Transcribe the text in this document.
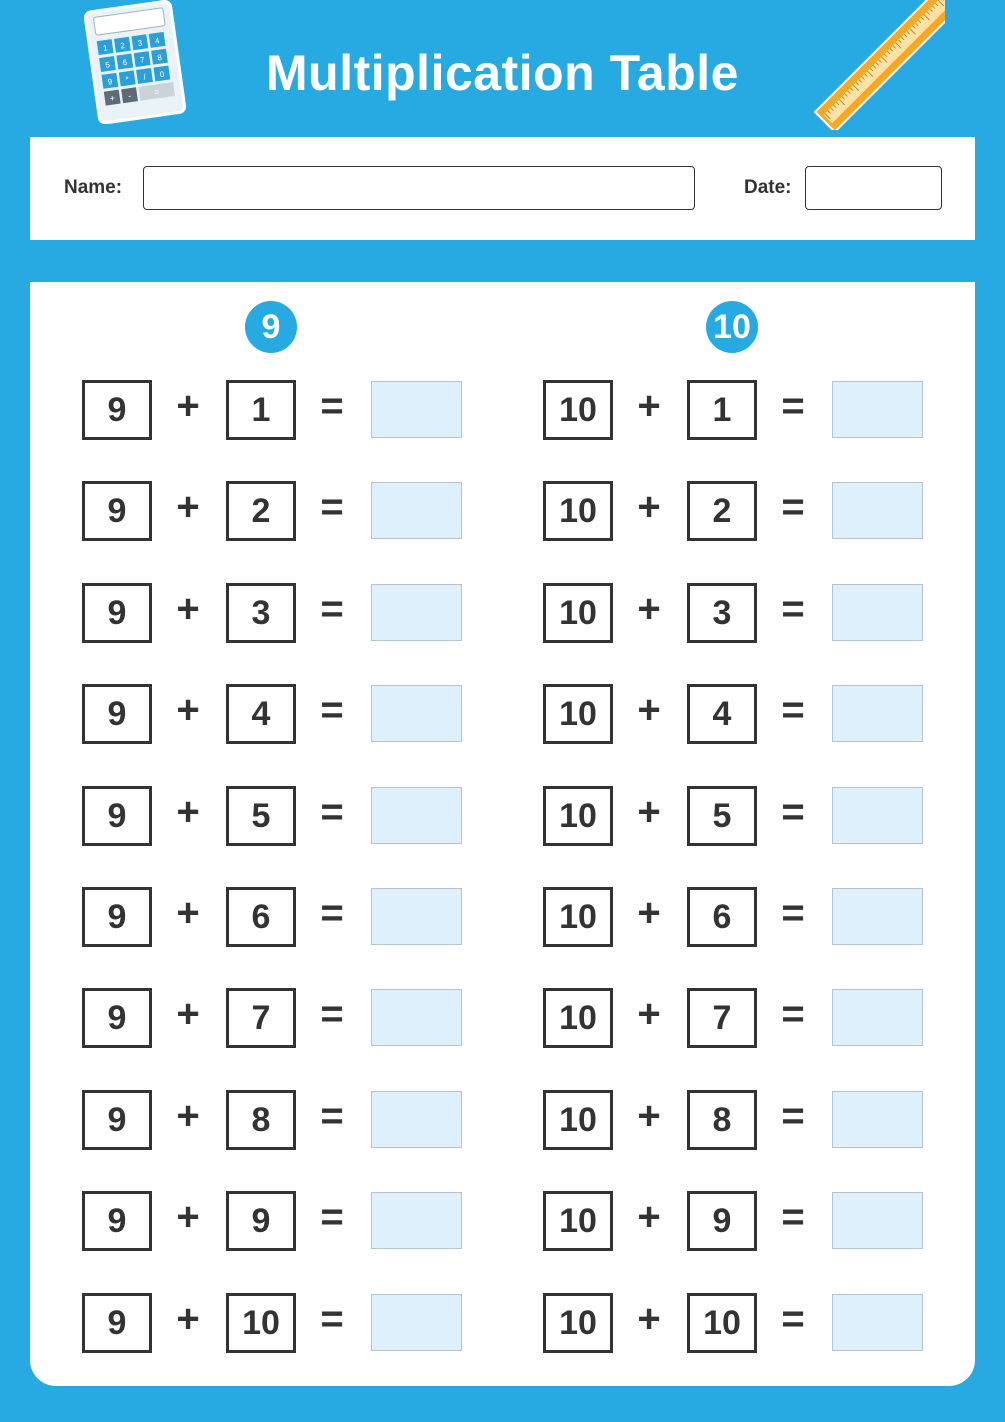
1 2 3 4
5 6 7 8
9 * / 0
+ - =	Multiplication Table
Name:	Date:
9
9	+	1	=
9	+	2	=
9	+	3	=
9	+	4	=
9	+	5	=
9	+	6	=
9	+	7	=
9	+	8	=
9	+	9	=
9	+	10	=
10
10	+	1	=
10	+	2	=
10	+	3	=
10	+	4	=
10	+	5	=
10	+	6	=
10	+	7	=
10	+	8	=
10	+	9	=
10	+	10	=
